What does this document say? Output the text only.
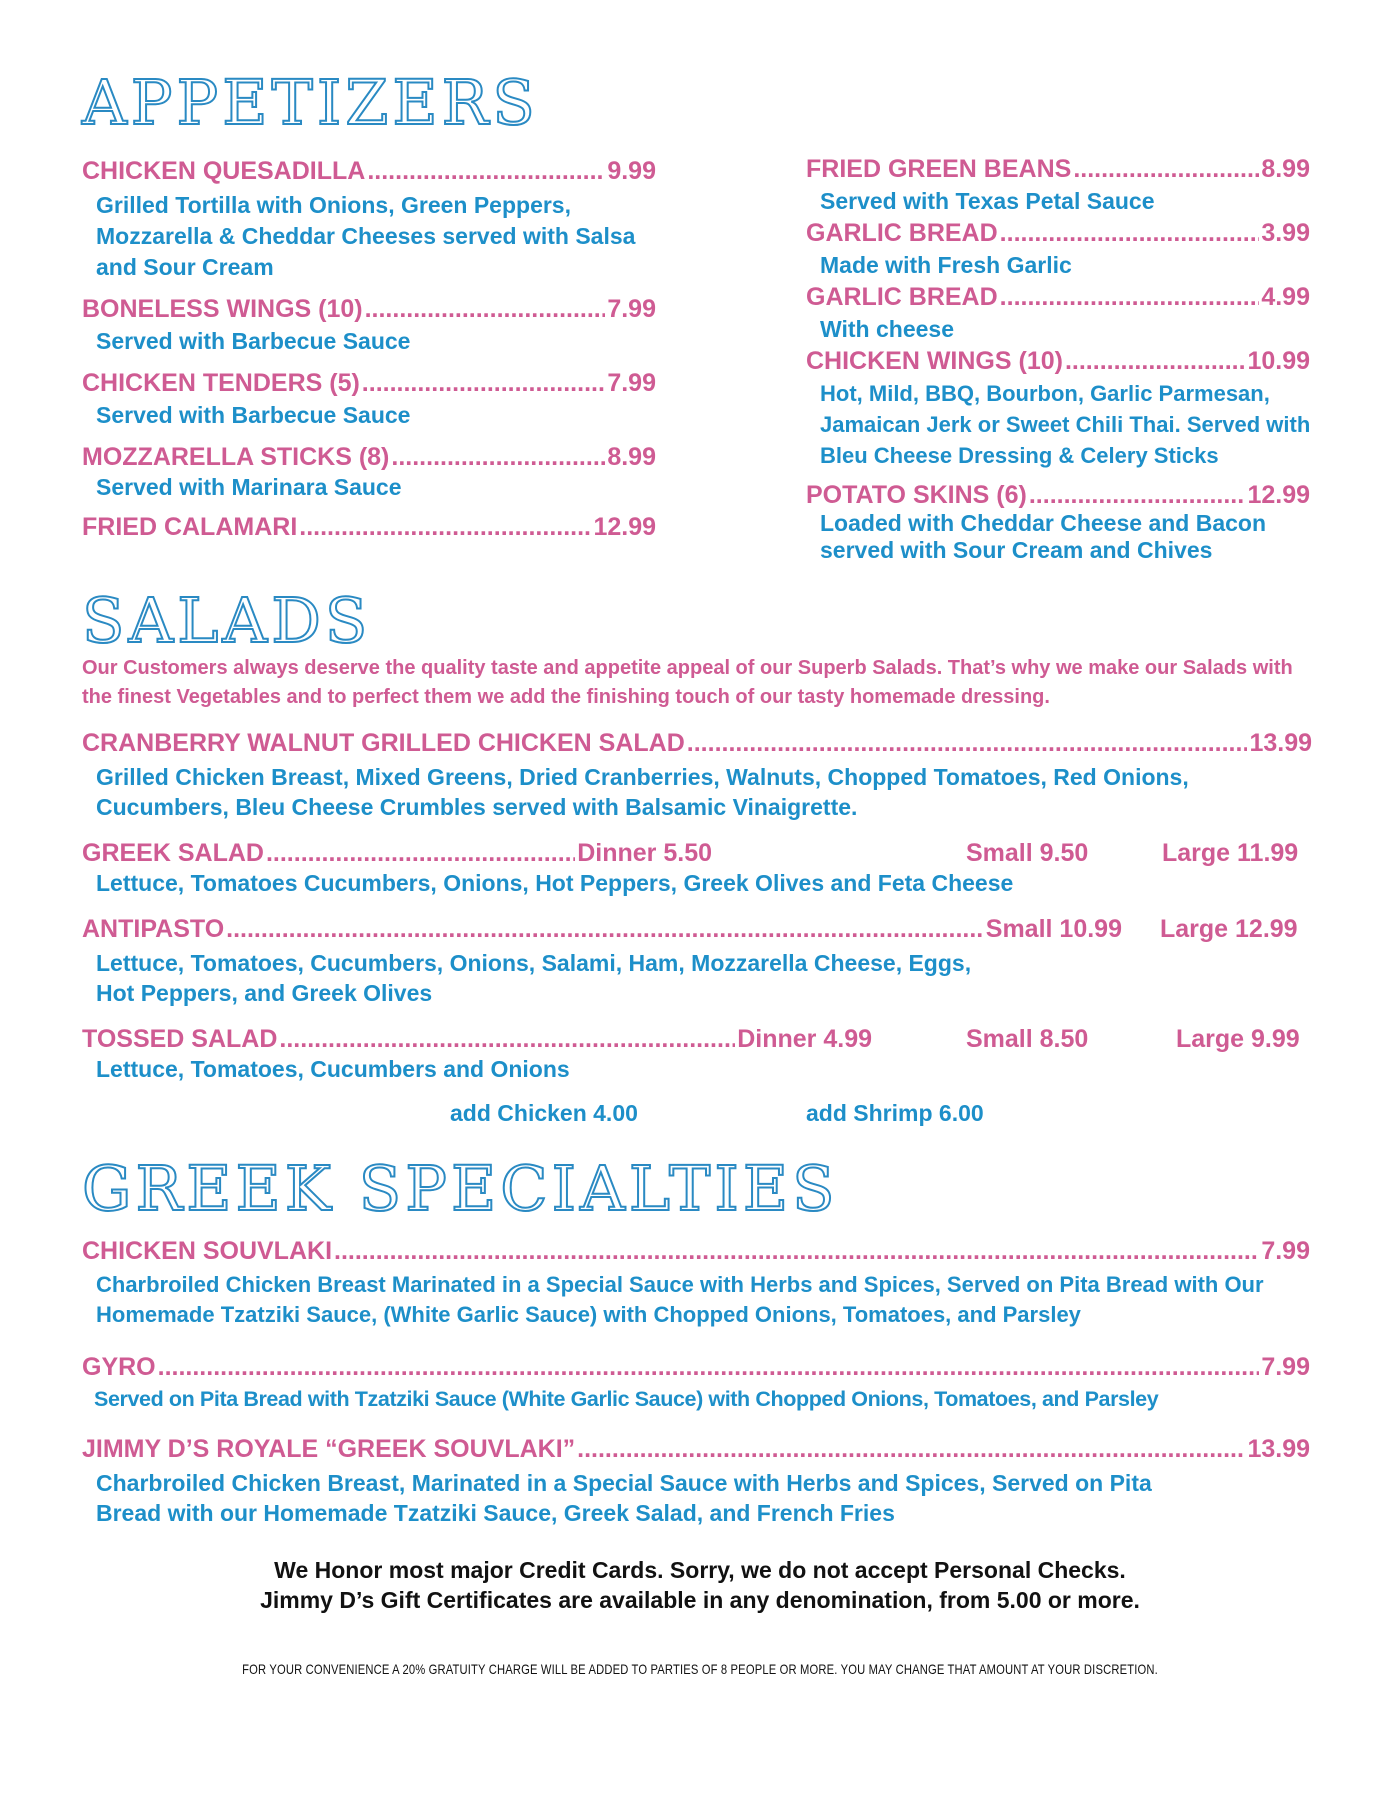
APPETIZERS
CHICKEN QUESADILLA .....	9.99
Grilled Tortilla with Onions, Green Peppers, Mozzarella & Cheddar Cheeses served with Salsa and Sour Cream
BONELESS WINGS (10) .....	7.99
Served with Barbecue Sauce
CHICKEN TENDERS (5) .....	7.99
Served with Barbecue Sauce
MOZZARELLA STICKS (8) .....	8.99
Served with Marinara Sauce
FRIED CALAMARI .....	12.99
FRIED GREEN BEANS .....	8.99
Served with Texas Petal Sauce
GARLIC BREAD .....	3.99
Made with Fresh Garlic
GARLIC BREAD .....	4.99
With cheese
CHICKEN WINGS (10) .....	10.99
Hot, Mild, BBQ, Bourbon, Garlic Parmesan, Jamaican Jerk or Sweet Chili Thai. Served with Bleu Cheese Dressing & Celery Sticks
POTATO SKINS (6) .....	12.99
Loaded with Cheddar Cheese and Bacon served with Sour Cream and Chives
SALADS
Our Customers always deserve the quality taste and appetite appeal of our Superb Salads. That’s why we make our Salads with the finest Vegetables and to perfect them we add the finishing touch of our tasty homemade dressing.
CRANBERRY WALNUT GRILLED CHICKEN SALAD .....	13.99
Grilled Chicken Breast, Mixed Greens, Dried Cranberries, Walnuts, Chopped Tomatoes, Red Onions, Cucumbers, Bleu Cheese Crumbles served with Balsamic Vinaigrette.
GREEK SALAD .....	Dinner 5.50	Small 9.50	Large 11.99
Lettuce, Tomatoes Cucumbers, Onions, Hot Peppers, Greek Olives and Feta Cheese
ANTIPASTO .....	Small 10.99 Large 12.99
Lettuce, Tomatoes, Cucumbers, Onions, Salami, Ham, Mozzarella Cheese, Eggs, Hot Peppers, and Greek Olives
TOSSED SALAD .....	Dinner 4.99	Small 8.50	Large 9.99
Lettuce, Tomatoes, Cucumbers and Onions
add Chicken 4.00	add Shrimp 6.00
GREEK SPECIALTIES
CHICKEN SOUVLAKI .....	7.99
Charbroiled Chicken Breast Marinated in a Special Sauce with Herbs and Spices, Served on Pita Bread with Our Homemade Tzatziki Sauce, (White Garlic Sauce) with Chopped Onions, Tomatoes, and Parsley
GYRO .....	7.99
Served on Pita Bread with Tzatziki Sauce (White Garlic Sauce) with Chopped Onions, Tomatoes, and Parsley
JIMMY D’S ROYALE “GREEK SOUVLAKI” .....	13.99
Charbroiled Chicken Breast, Marinated in a Special Sauce with Herbs and Spices, Served on Pita Bread with our Homemade Tzatziki Sauce, Greek Salad, and French Fries
We Honor most major Credit Cards. Sorry, we do not accept Personal Checks.
Jimmy D’s Gift Certificates are available in any denomination, from 5.00 or more.
FOR YOUR CONVENIENCE A 20% GRATUITY CHARGE WILL BE ADDED TO PARTIES OF 8 PEOPLE OR MORE. YOU MAY CHANGE THAT AMOUNT AT YOUR DISCRETION.
